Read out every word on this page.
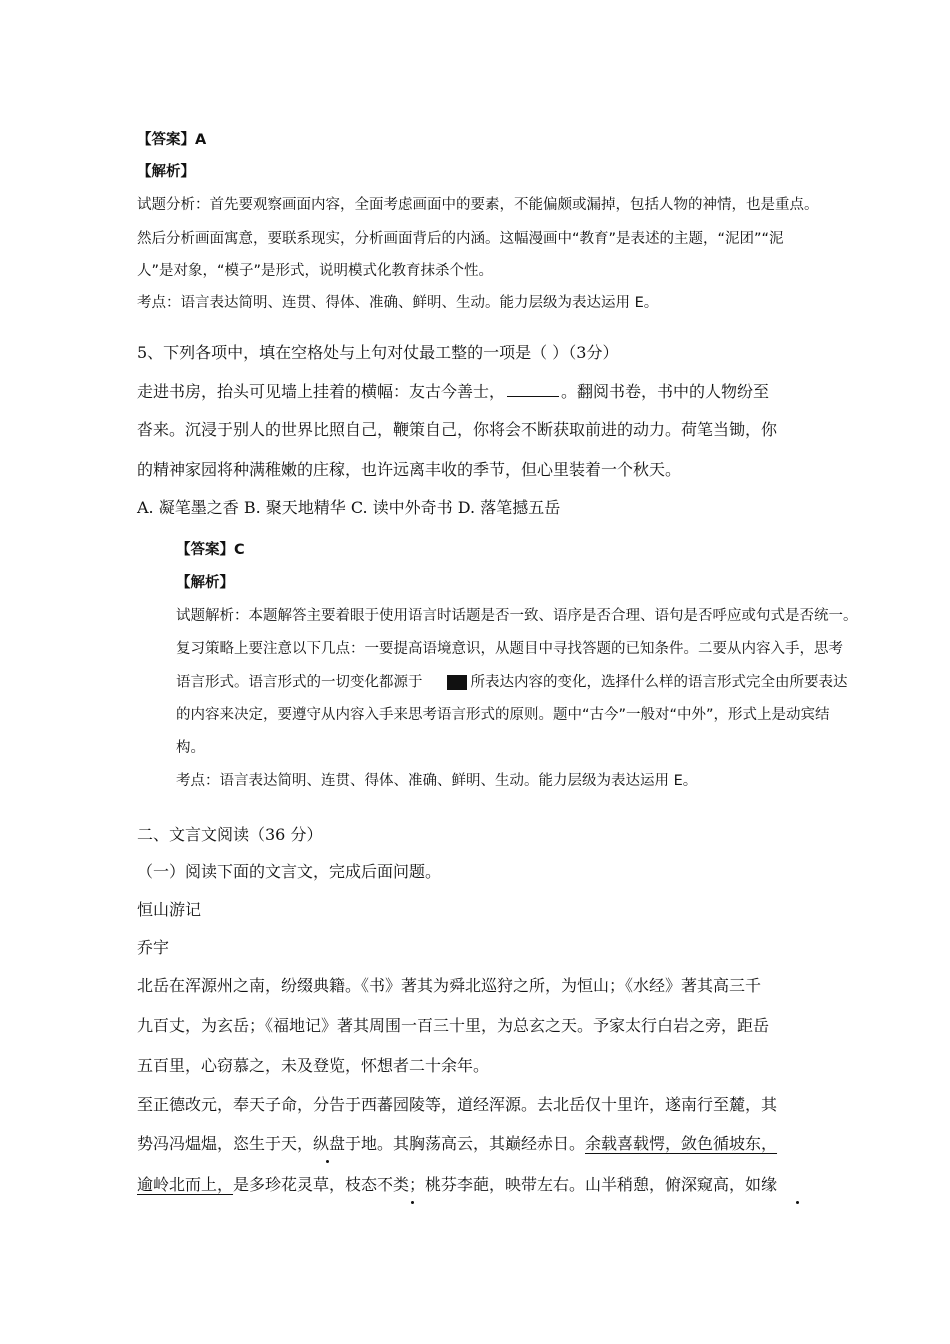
【答案】A
【解析】
试题分析：首先要观察画面内容，全面考虑画面中的要素，不能偏颇或漏掉，包括人物的神情，也是重点。
然后分析画面寓意，要联系现实，分析画面背后的内涵。这幅漫画中“教育”是表述的主题，“泥团”“泥
人”是对象，“模子”是形式，说明模式化教育抹杀个性。
考点：语言表达简明、连贯、得体、准确、鲜明、生动。能力层级为表达运用 E。
5、下列各项中，填在空格处与上句对仗最工整的一项是（ ）（3分）
走进书房，抬头可见墙上挂着的横幅：友古今善士，	。翻阅书卷，书中的人物纷至
沓来。沉浸于别人的世界比照自己，鞭策自己，你将会不断获取前进的动力。荷笔当锄，你
的精神家园将种满稚嫩的庄稼，也许远离丰收的季节，但心里装着一个秋天。
A. 凝笔墨之香 B. 聚天地精华 C. 读中外奇书 D. 落笔撼五岳
【答案】C
【解析】
试题解析：本题解答主要着眼于使用语言时话题是否一致、语序是否合理、语句是否呼应或句式是否统一。
复习策略上要注意以下几点：一要提高语境意识，从题目中寻找答题的已知条件。二要从内容入手，思考
语言形式。语言形式的一切变化都源于	所表达内容的变化，选择什么样的语言形式完全由所要表达
的内容来决定，要遵守从内容入手来思考语言形式的原则。题中“古今”一般对“中外”，形式上是动宾结
构。
考点：语言表达简明、连贯、得体、准确、鲜明、生动。能力层级为表达运用 E。
二、文言文阅读（36 分）
（一）阅读下面的文言文，完成后面问题。
恒山游记
乔宇
北岳在浑源州之南，纷缀典籍。《书》著其为舜北巡狩之所，为恒山；《水经》著其高三千
九百丈，为玄岳；《福地记》著其周围一百三十里，为总玄之天。予家太行白岩之旁，距岳
五百里，心窃慕之，未及登览，怀想者二十余年。
至正德改元，奉天子命，分告于西蕃园陵等，道经浑源。去北岳仅十里许，遂南行至麓，其
势冯冯煴煴，恣生于天，纵盘于地。其胸荡高云，其巅经赤日。余载喜载愕，敛色循坡东，
逾岭北而上，是多珍花灵草，枝态不类；桃芬李葩，映带左右。山半稍憩，俯深窥高，如缘
